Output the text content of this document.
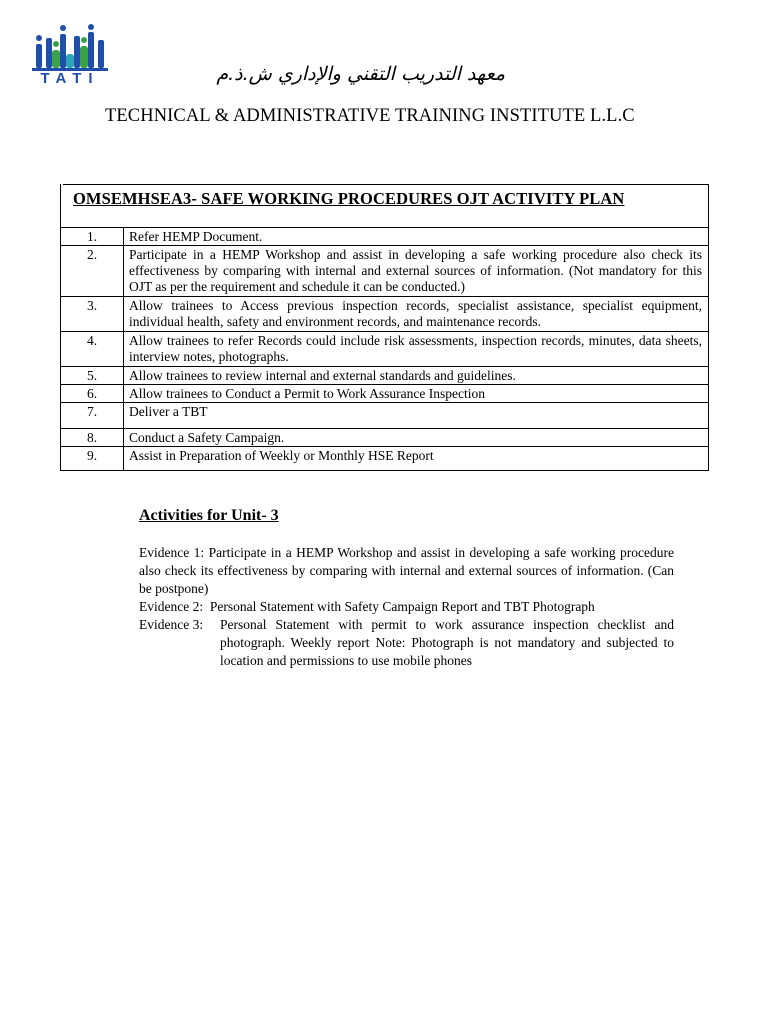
TATI	معهد التدريب التقني والإداري ش.ذ.م
TECHNICAL & ADMINISTRATIVE TRAINING INSTITUTE L.L.C
OMSEMHSEA3- SAFE WORKING PROCEDURES OJT ACTIVITY PLAN	

1.	Refer HEMP Document.
2.	Participate in a HEMP Workshop and assist in developing a safe working procedure also check its effectiveness by comparing with internal and external sources of information. (Not mandatory for this OJT as per the requirement and schedule it can be conducted.)
3.	Allow trainees to Access previous inspection records, specialist assistance, specialist equipment, individual health, safety and environment records, and maintenance records.
4.	Allow trainees to refer Records could include risk assessments, inspection records, minutes, data sheets, interview notes, photographs.
5.	Allow trainees to review internal and external standards and guidelines.
6.	Allow trainees to Conduct a Permit to Work Assurance Inspection
7.	Deliver a TBT
8.	Conduct a Safety Campaign.
9.	Assist in Preparation of Weekly or Monthly HSE Report
Activities for Unit- 3

Evidence 1: Participate in a HEMP Workshop and assist in developing a safe working procedure also check its effectiveness by comparing with internal and external sources of information. (Can be postpone)

Evidence 2: Personal Statement with Safety Campaign Report and TBT Photograph

Evidence 3:	Personal Statement with permit to work assurance inspection checklist and photograph. Weekly report Note: Photograph is not mandatory and subjected to location and permissions to use mobile phones
